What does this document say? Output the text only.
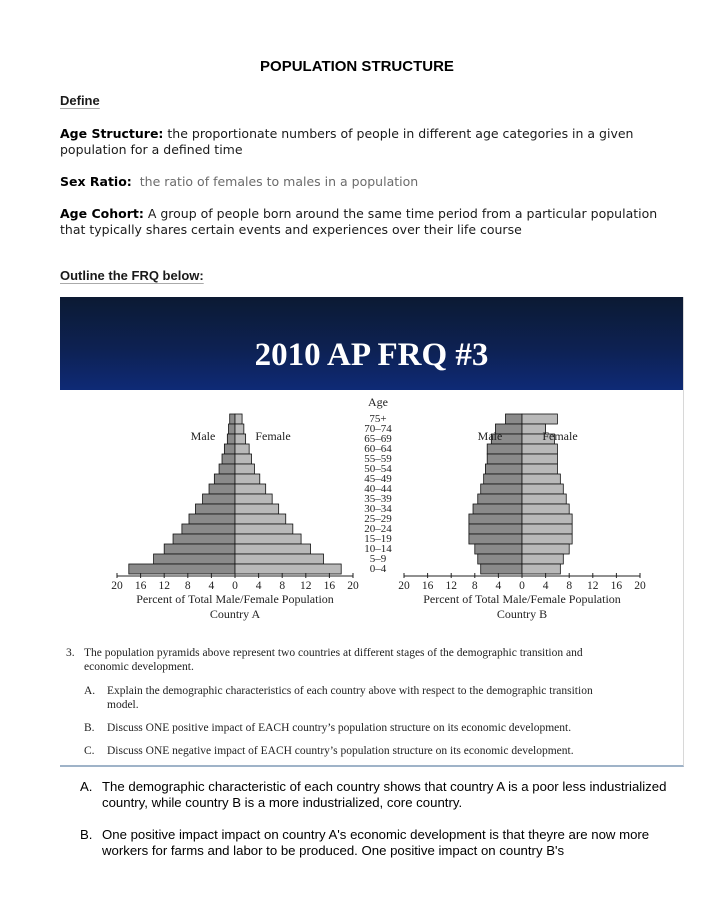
POPULATION STRUCTURE
Define
Age Structure: the proportionate numbers of people in different age categories in a given population for a defined time
Sex Ratio: the ratio of females to males in a population
Age Cohort: A group of people born around the same time period from a particular population that typically shares certain events and experiences over their life course
Outline the FRQ below:
2010 AP FRQ #3
Age
75+
70–74
65–69
60–64
55–59
50–54
45–49
40–44
35–39
30–34
25–29
20–24
15–19
10–14
5–9
0–4
Male	Female
20 16 12 8 4 0 4 8 12 16 20
Percent of Total Male/Female Population
Country A
Male	Female
20 16 12 8 4 0 4 8 12 16 20
Percent of Total Male/Female Population
Country B
3. The population pyramids above represent two countries at different stages of the demographic transition and
economic development.
A. Explain the demographic characteristics of each country above with respect to the demographic transition
model.
B. Discuss ONE positive impact of EACH country’s population structure on its economic development.
C. Discuss ONE negative impact of EACH country’s population structure on its economic development.
A. The demographic characteristic of each country shows that country A is a poor less industrialized country, while country B is a more industrialized, core country.
B. One positive impact impact on country A's economic development is that theyre are now more workers for farms and labor to be produced. One positive impact on country B's
